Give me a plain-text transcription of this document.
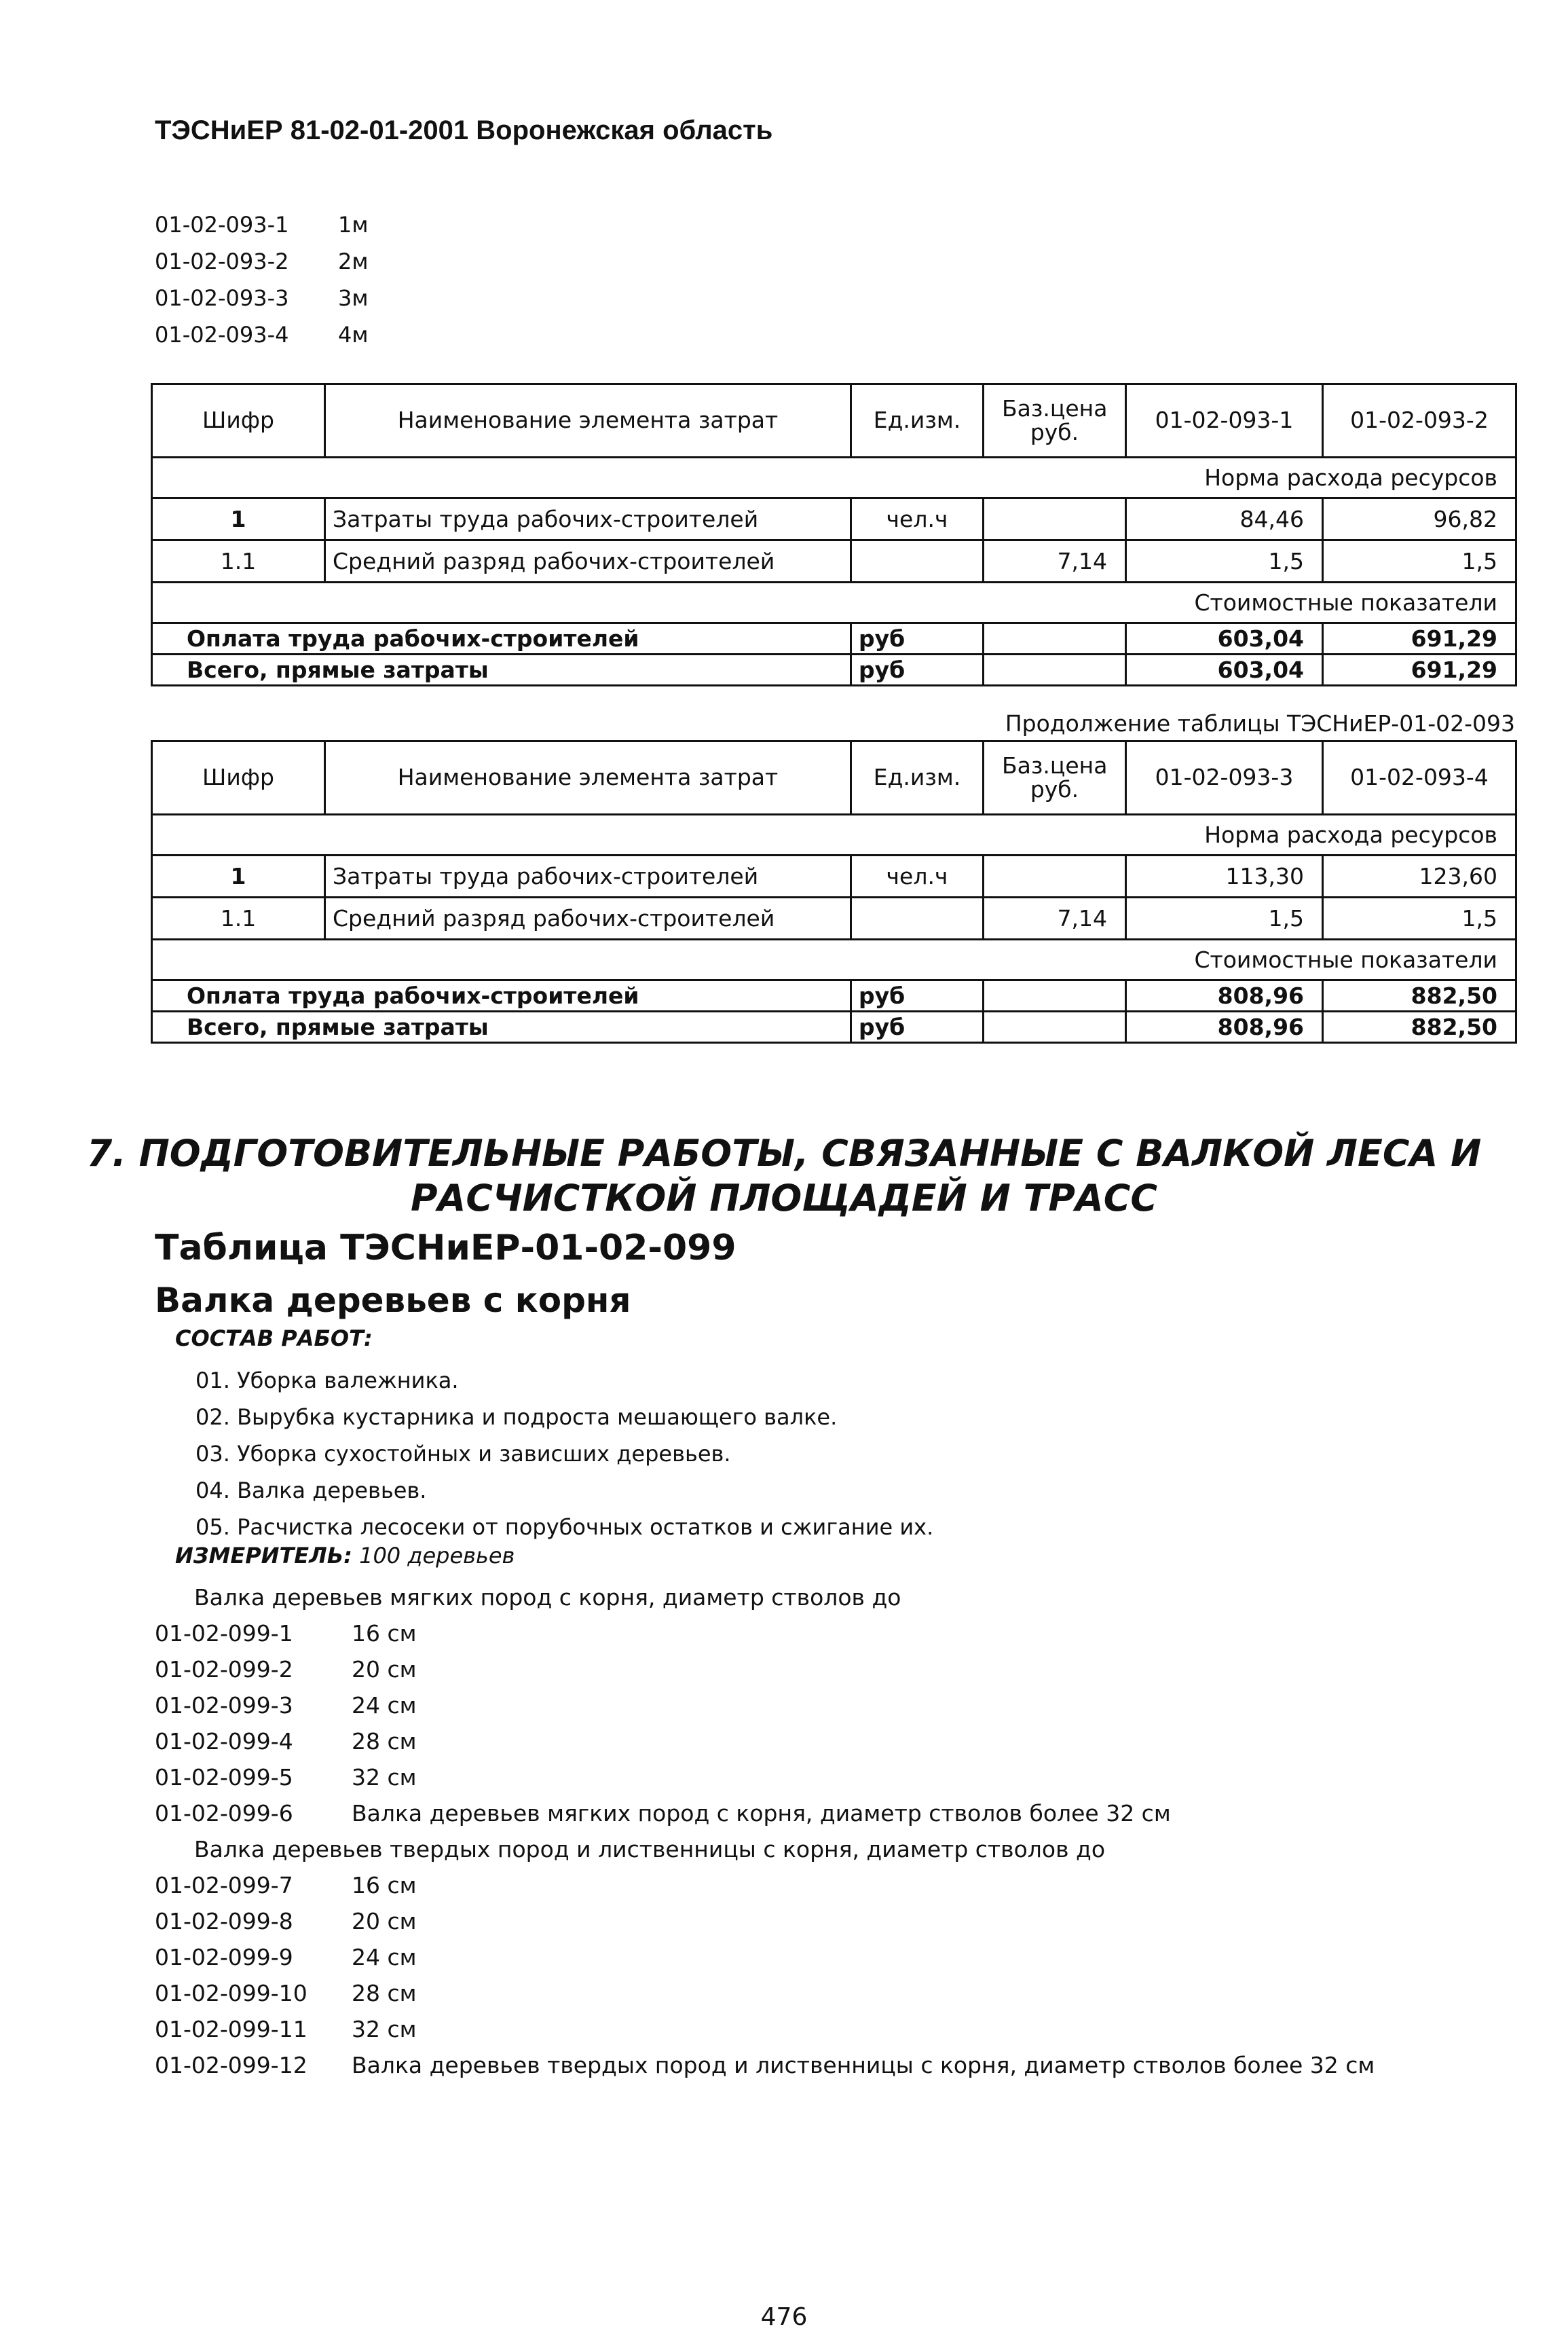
ТЭСНиЕР 81-02-01-2001 Воронежская область
01-02-093-1 1м
01-02-093-2 2м
01-02-093-3 3м
01-02-093-4 4м
Шифр	Наименование элемента затрат	Ед.изм.	Баз.цена руб.	01-02-093-1	01-02-093-2
Норма расхода ресурсов					
1	Затраты труда рабочих-строителей	чел.ч		84,46	96,82
1.1	Средний разряд рабочих-строителей		7,14	1,5	1,5
Стоимостные показатели					
Оплата труда рабочих-строителей		руб		603,04	691,29
Всего, прямые затраты		руб		603,04	691,29
Продолжение таблицы ТЭСНиЕР-01-02-093
Шифр	Наименование элемента затрат	Ед.изм.	Баз.цена руб.	01-02-093-3	01-02-093-4
Норма расхода ресурсов					
1	Затраты труда рабочих-строителей	чел.ч		113,30	123,60
1.1	Средний разряд рабочих-строителей		7,14	1,5	1,5
Стоимостные показатели					
Оплата труда рабочих-строителей		руб		808,96	882,50
Всего, прямые затраты		руб		808,96	882,50
7. ПОДГОТОВИТЕЛЬНЫЕ РАБОТЫ, СВЯЗАННЫЕ С ВАЛКОЙ ЛЕСА И
РАСЧИСТКОЙ ПЛОЩАДЕЙ И ТРАСС
Таблица ТЭСНиЕР-01-02-099
Валка деревьев с корня
СОСТАВ РАБОТ:
01. Уборка валежника.
02. Вырубка кустарника и подроста мешающего валке.
03. Уборка сухостойных и зависших деревьев.
04. Валка деревьев.
05. Расчистка лесосеки от порубочных остатков и сжигание их.
ИЗМЕРИТЕЛЬ: 100 деревьев
Валка деревьев мягких пород с корня, диаметр стволов до
01-02-099-1	16 см
01-02-099-2	20 см
01-02-099-3	24 см
01-02-099-4	28 см
01-02-099-5	32 см
01-02-099-6	Валка деревьев мягких пород с корня, диаметр стволов более 32 см
Валка деревьев твердых пород и лиственницы с корня, диаметр стволов до
01-02-099-7	16 см
01-02-099-8	20 см
01-02-099-9	24 см
01-02-099-10 28 см
01-02-099-11 32 см
01-02-099-12 Валка деревьев твердых пород и лиственницы с корня, диаметр стволов более 32 см
476
